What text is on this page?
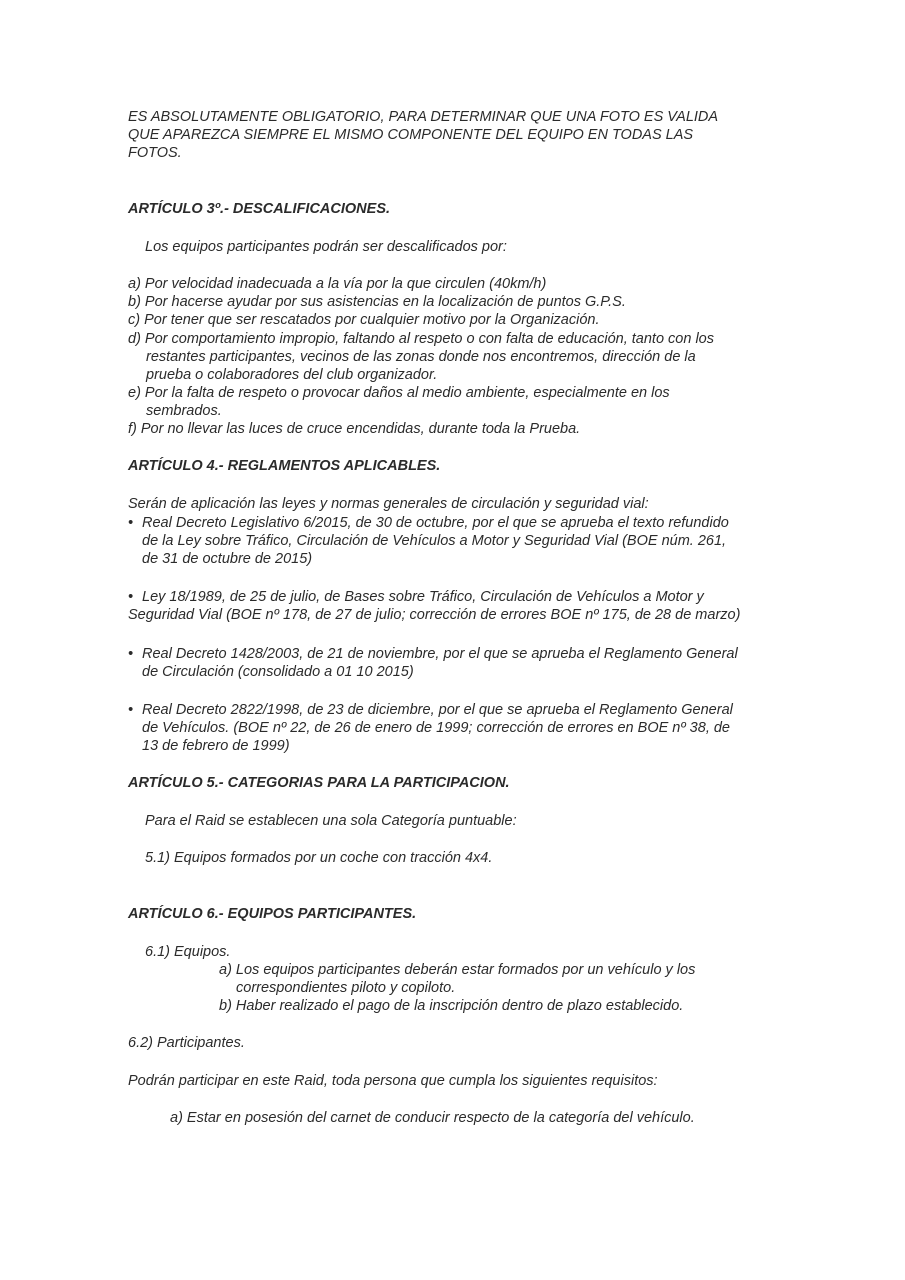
ES ABSOLUTAMENTE OBLIGATORIO, PARA DETERMINAR QUE UNA FOTO ES VALIDA
QUE APAREZCA SIEMPRE EL MISMO COMPONENTE DEL EQUIPO EN TODAS LAS
FOTOS.
ARTÍCULO 3º.- DESCALIFICACIONES.
Los equipos participantes podrán ser descalificados por:
a) Por velocidad inadecuada a la vía por la que circulen (40km/h)
b) Por hacerse ayudar por sus asistencias en la localización de puntos G.P.S.
c) Por tener que ser rescatados por cualquier motivo por la Organización.
d) Por comportamiento impropio, faltando al respeto o con falta de educación, tanto con los
restantes participantes, vecinos de las zonas donde nos encontremos, dirección de la
prueba o colaboradores del club organizador.
e) Por la falta de respeto o provocar daños al medio ambiente, especialmente en los
sembrados.
f) Por no llevar las luces de cruce encendidas, durante toda la Prueba.
ARTÍCULO 4.- REGLAMENTOS APLICABLES.
Serán de aplicación las leyes y normas generales de circulación y seguridad vial:
• Real Decreto Legislativo 6/2015, de 30 de octubre, por el que se aprueba el texto refundido
de la Ley sobre Tráfico, Circulación de Vehículos a Motor y Seguridad Vial (BOE núm. 261,
de 31 de octubre de 2015)
• Ley 18/1989, de 25 de julio, de Bases sobre Tráfico, Circulación de Vehículos a Motor y
Seguridad Vial (BOE nº 178, de 27 de julio; corrección de errores BOE nº 175, de 28 de marzo)
• Real Decreto 1428/2003, de 21 de noviembre, por el que se aprueba el Reglamento General
de Circulación (consolidado a 01 10 2015)
• Real Decreto 2822/1998, de 23 de diciembre, por el que se aprueba el Reglamento General
de Vehículos. (BOE nº 22, de 26 de enero de 1999; corrección de errores en BOE nº 38, de
13 de febrero de 1999)
ARTÍCULO 5.- CATEGORIAS PARA LA PARTICIPACION.
Para el Raid se establecen una sola Categoría puntuable:
5.1) Equipos formados por un coche con tracción 4x4.
ARTÍCULO 6.- EQUIPOS PARTICIPANTES.
6.1) Equipos.
a) Los equipos participantes deberán estar formados por un vehículo y los
correspondientes piloto y copiloto.
b) Haber realizado el pago de la inscripción dentro de plazo establecido.
6.2) Participantes.
Podrán participar en este Raid, toda persona que cumpla los siguientes requisitos:
a) Estar en posesión del carnet de conducir respecto de la categoría del vehículo.
